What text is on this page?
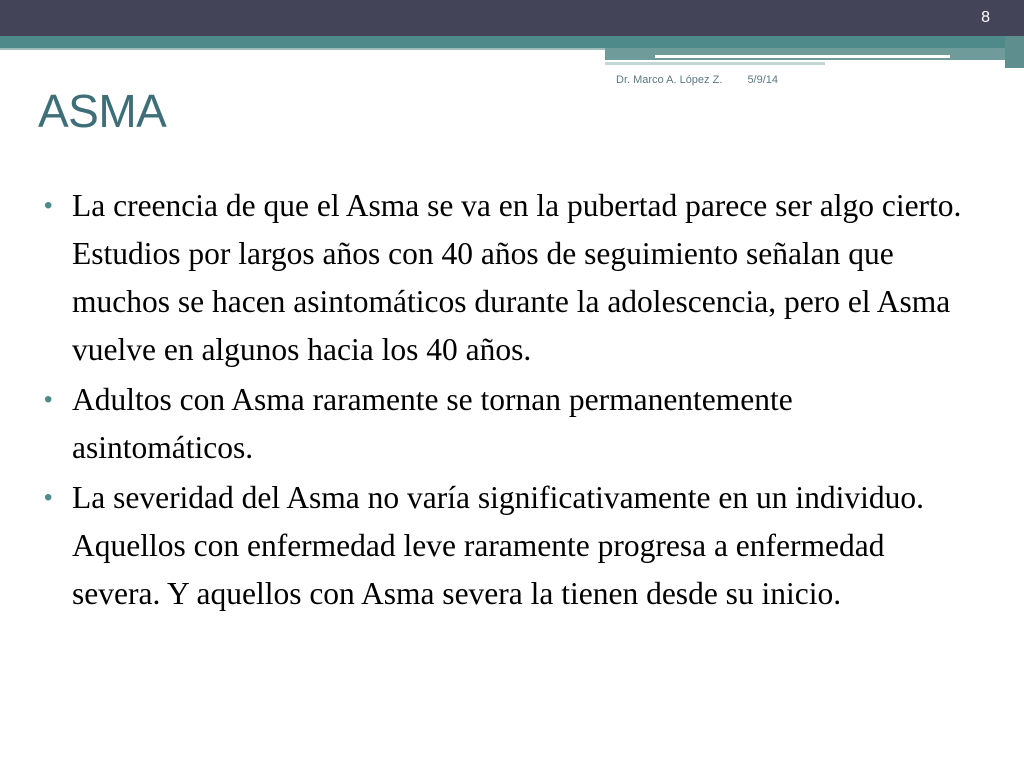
8
Dr. Marco A. López Z. 5/9/14
ASMA
• La creencia de que el Asma se va en la pubertad parece ser algo cierto. Estudios por largos años con 40 años de seguimiento señalan que muchos se hacen asintomáticos durante la adolescencia, pero el Asma vuelve en algunos hacia los 40 años.
• Adultos con Asma raramente se tornan permanentemente asintomáticos.
• La severidad del Asma no varía significativamente en un individuo. Aquellos con enfermedad leve raramente progresa a enfermedad severa. Y aquellos con Asma severa la tienen desde su inicio.
